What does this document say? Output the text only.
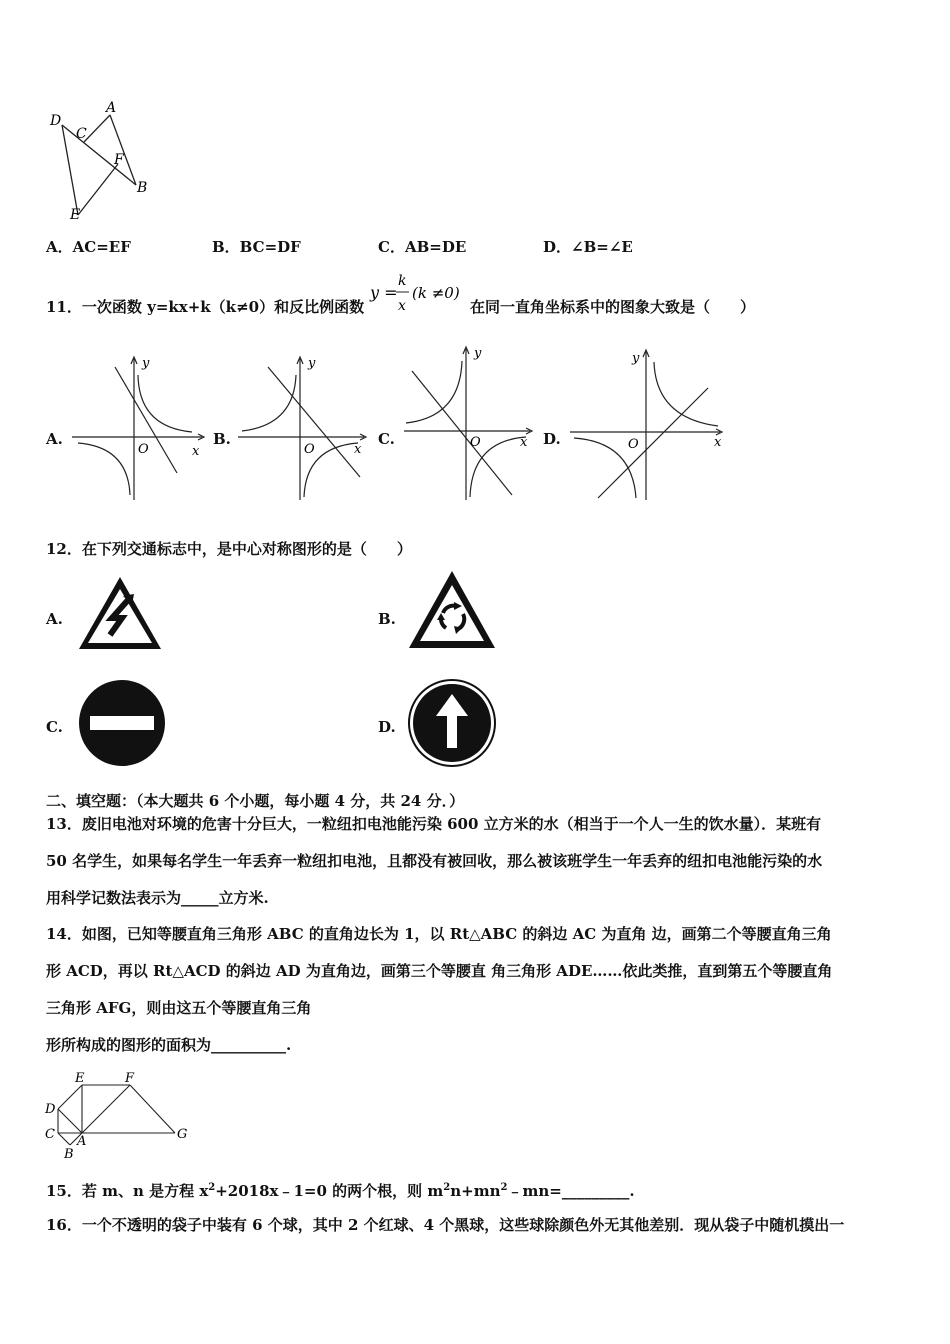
D
A
C
F
B
E
A．AC=EF	B．BC=DF	C．AB=DE	D．∠B=∠E
11．一次函数 y=kx+k（k≠0）和反比例函数
y =
k
x
(k ≠0)
在同一直角坐标系中的图象大致是（　　）
A.
y
O	x
B.
y
O	x
C.
y
O	x D.
y
O	x
12．在下列交通标志中，是中心对称图形的是（　　）
A.	B.
C.	D.
二、填空题：（本大题共 6 个小题，每小题 4 分，共 24 分．）
13．废旧电池对环境的危害十分巨大，一粒纽扣电池能污染 600 立方米的水（相当于一个人一生的饮水量）．某班有
50 名学生，如果每名学生一年丢弃一粒纽扣电池，且都没有被回收，那么被该班学生一年丢弃的纽扣电池能污染的水
用科学记数法表示为_____立方米.
14．如图，已知等腰直角三角形 ABC 的直角边长为 1，以 Rt△ABC 的斜边 AC 为直角 边，画第二个等腰直角三角
形 ACD，再以 Rt△ACD 的斜边 AD 为直角边，画第三个等腰直 角三角形 ADE……依此类推，直到第五个等腰直角
三角形 AFG，则由这五个等腰直角三角
形所构成的图形的面积为__________.
E	F
D
C A	G
B
15．若 m、n 是方程 $x^2+2018x﹣1=0$ 的两个根，则 $m^2n+mn^2﹣mn=\_\_\_\_\_\_\_\_\_$.
16．一个不透明的袋子中装有 6 个球，其中 2 个红球、4 个黑球，这些球除颜色外无其他差别．现从袋子中随机摸出一
